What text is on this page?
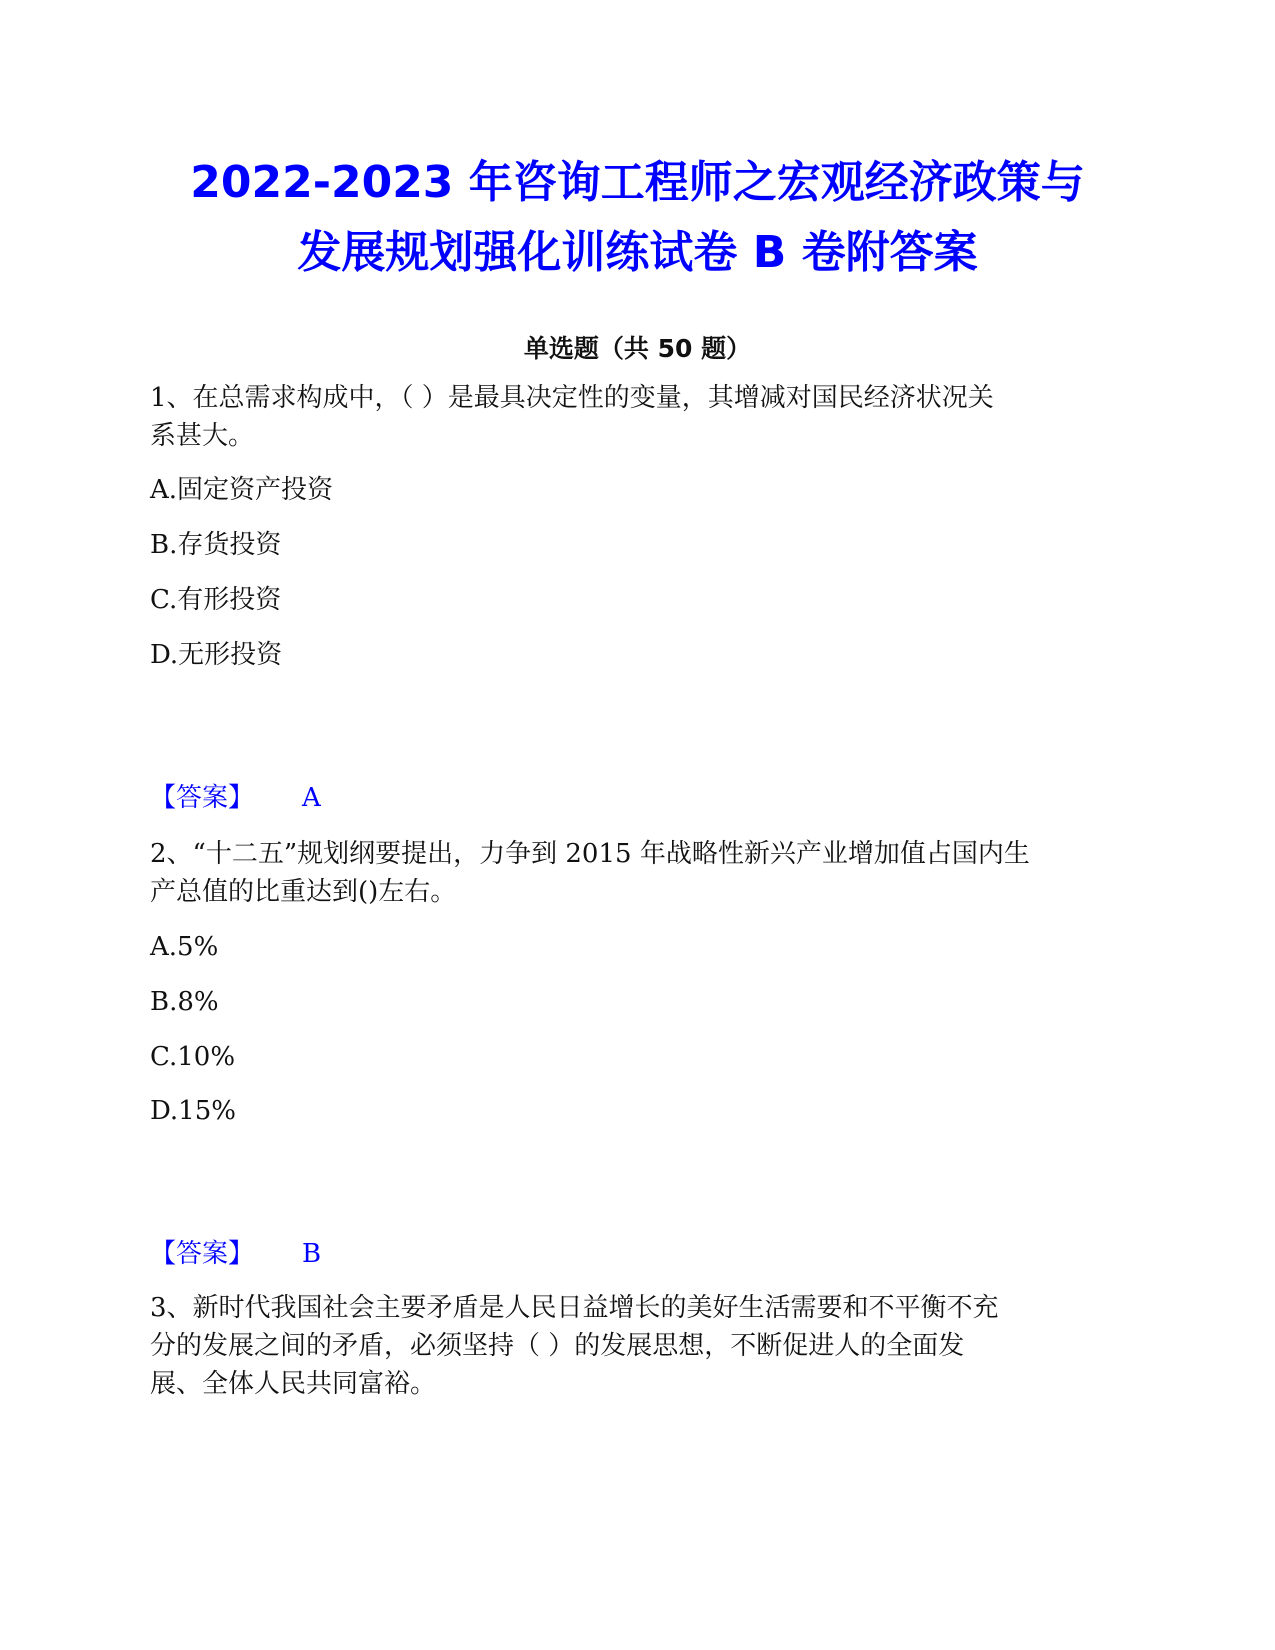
2022-2023 年咨询工程师之宏观经济政策与
发展规划强化训练试卷 B 卷附答案
单选题（共 50 题）
1、在总需求构成中，（ ）是最具决定性的变量，其增减对国民经济状况关
系甚大。
A.固定资产投资
B.存货投资
C.有形投资
D.无形投资
【答案】 A
2、“十二五”规划纲要提出，力争到 2015 年战略性新兴产业增加值占国内生
产总值的比重达到()左右。
A.5%
B.8%
C.10%
D.15%
【答案】 B
3、新时代我国社会主要矛盾是人民日益增长的美好生活需要和不平衡不充
分的发展之间的矛盾，必须坚持（ ）的发展思想，不断促进人的全面发
展、全体人民共同富裕。
